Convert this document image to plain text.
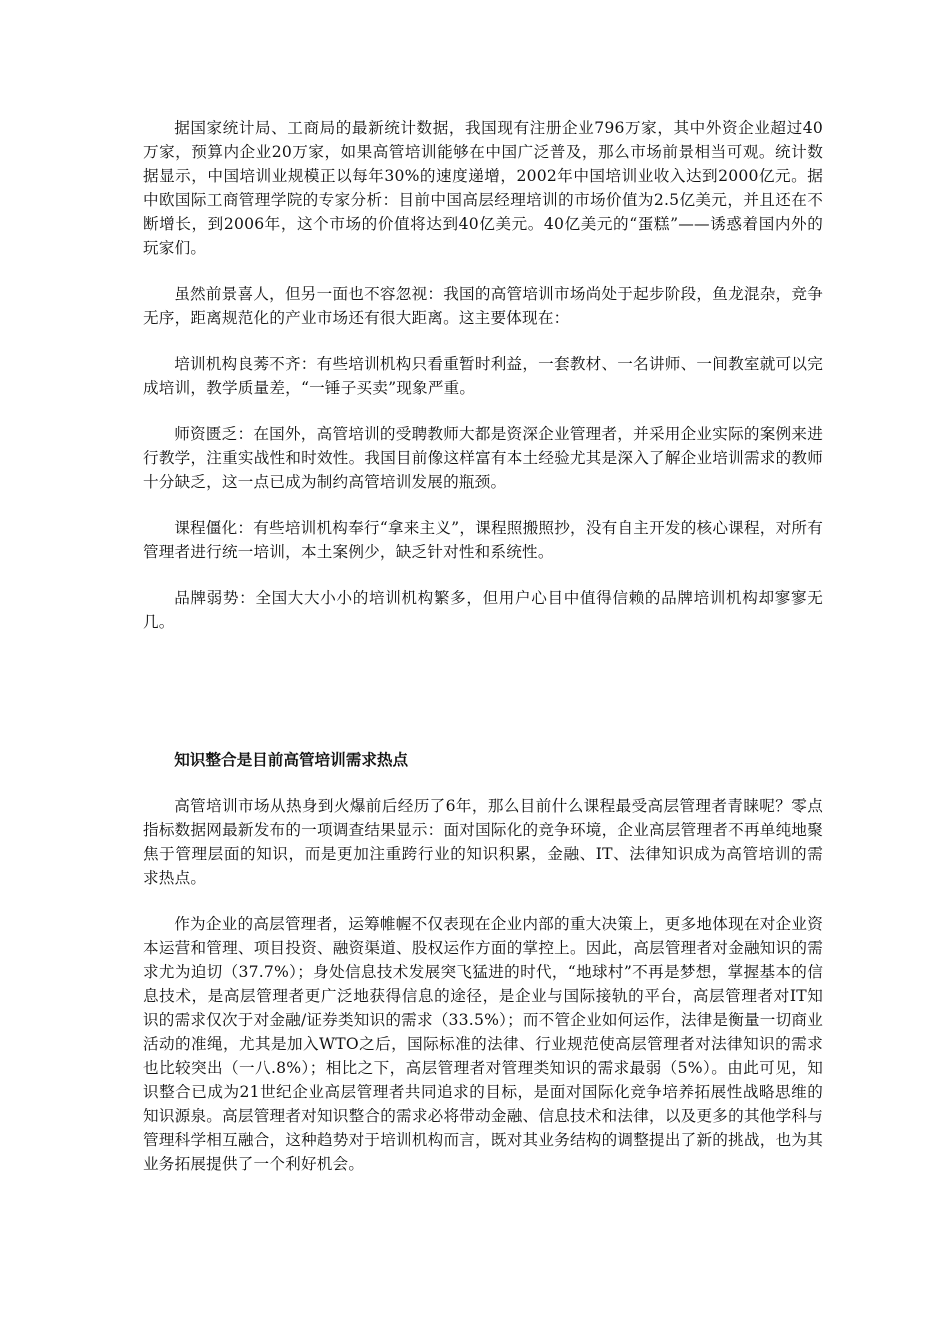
据国家统计局、工商局的最新统计数据，我国现有注册企业796万家，其中外资企业超过40万家，预算内企业20万家，如果高管培训能够在中国广泛普及，那么市场前景相当可观。统计数据显示，中国培训业规模正以每年30%的速度递增，2002年中国培训业收入达到2000亿元。据中欧国际工商管理学院的专家分析：目前中国高层经理培训的市场价值为2.5亿美元，并且还在不断增长，到2006年，这个市场的价值将达到40亿美元。40亿美元的“蛋糕”——诱惑着国内外的玩家们。

虽然前景喜人，但另一面也不容忽视：我国的高管培训市场尚处于起步阶段，鱼龙混杂，竞争无序，距离规范化的产业市场还有很大距离。这主要体现在：

培训机构良莠不齐：有些培训机构只看重暂时利益，一套教材、一名讲师、一间教室就可以完成培训，教学质量差，“一锤子买卖”现象严重。

师资匮乏：在国外，高管培训的受聘教师大都是资深企业管理者，并采用企业实际的案例来进行教学，注重实战性和时效性。我国目前像这样富有本土经验尤其是深入了解企业培训需求的教师十分缺乏，这一点已成为制约高管培训发展的瓶颈。

课程僵化：有些培训机构奉行“拿来主义”，课程照搬照抄，没有自主开发的核心课程，对所有管理者进行统一培训，本土案例少，缺乏针对性和系统性。

品牌弱势：全国大大小小的培训机构繁多，但用户心目中值得信赖的品牌培训机构却寥寥无几。

知识整合是目前高管培训需求热点

高管培训市场从热身到火爆前后经历了6年，那么目前什么课程最受高层管理者青睐呢？零点指标数据网最新发布的一项调查结果显示：面对国际化的竞争环境，企业高层管理者不再单纯地聚焦于管理层面的知识，而是更加注重跨行业的知识积累，金融、IT、法律知识成为高管培训的需求热点。

作为企业的高层管理者，运筹帷幄不仅表现在企业内部的重大决策上，更多地体现在对企业资本运营和管理、项目投资、融资渠道、股权运作方面的掌控上。因此，高层管理者对金融知识的需求尤为迫切（37.7%）；身处信息技术发展突飞猛进的时代，“地球村”不再是梦想，掌握基本的信息技术，是高层管理者更广泛地获得信息的途径，是企业与国际接轨的平台，高层管理者对IT知识的需求仅次于对金融/证券类知识的需求（33.5%）；而不管企业如何运作，法律是衡量一切商业活动的准绳，尤其是加入WTO之后，国际标准的法律、行业规范使高层管理者对法律知识的需求也比较突出（一八.8%）；相比之下，高层管理者对管理类知识的需求最弱（5%）。由此可见，知识整合已成为21世纪企业高层管理者共同追求的目标，是面对国际化竞争培养拓展性战略思维的知识源泉。高层管理者对知识整合的需求必将带动金融、信息技术和法律，以及更多的其他学科与管理科学相互融合，这种趋势对于培训机构而言，既对其业务结构的调整提出了新的挑战，也为其业务拓展提供了一个利好机会。
